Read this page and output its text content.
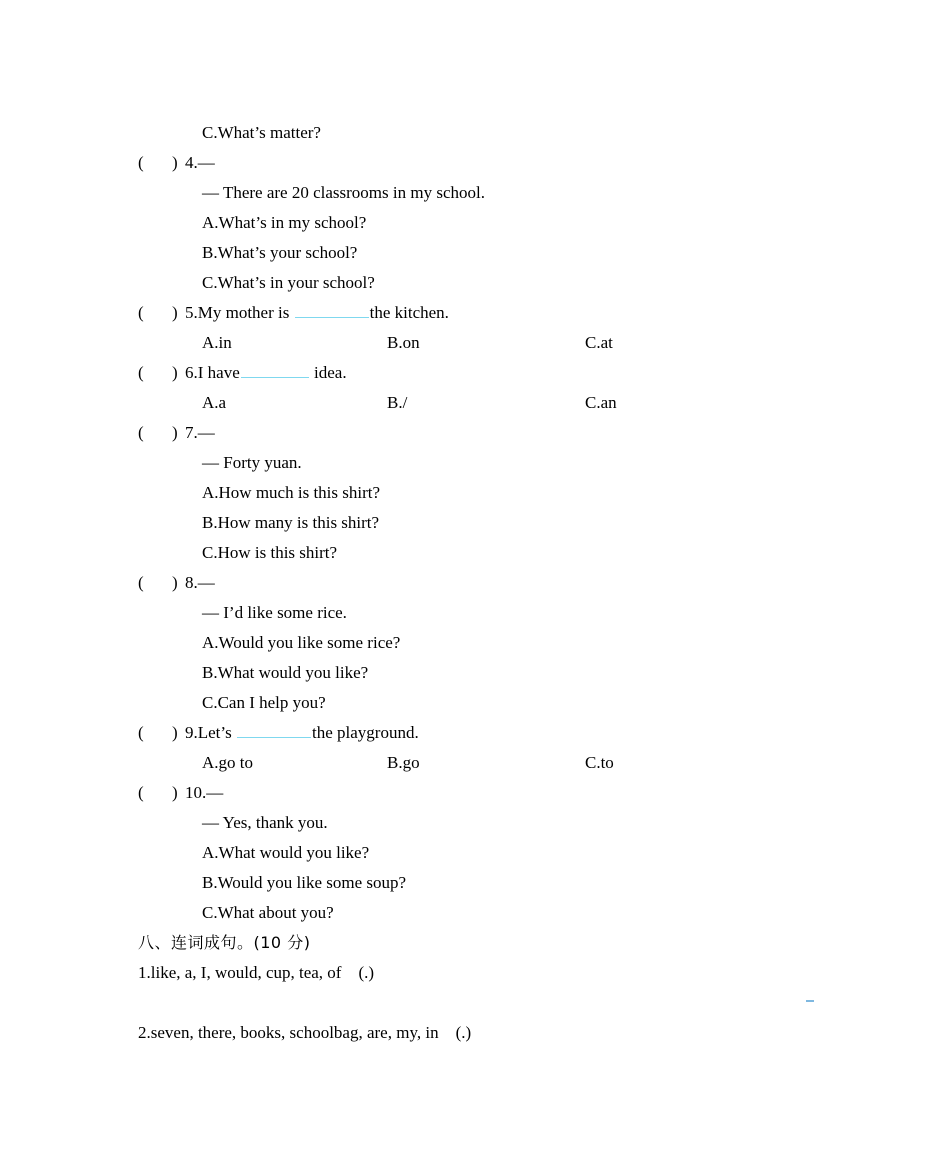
C.What’s matter?
(	) 4.—
— There are 20 classrooms in my school.
A.What’s in my school?
B.What’s your school?
C.What’s in your school?
(	) 5.My mother is	the kitchen.
A.in	B.on	C.at
(	) 6.I have	idea.
A.a	B./	C.an
(	) 7.—
— Forty yuan.
A.How much is this shirt?
B.How many is this shirt?
C.How is this shirt?
(	) 8.—
— I’d like some rice.
A.Would you like some rice?
B.What would you like?
C.Can I help you?
(	) 9.Let’s	the playground.
A.go to	B.go	C.to
(	) 10.—
— Yes, thank you.
A.What would you like?
B.Would you like some soup?
C.What about you?
八、连词成句。(10 分)
1.like, a, I, would, cup, tea, of　(.)
2.seven, there, books, schoolbag, are, my, in　(.)
